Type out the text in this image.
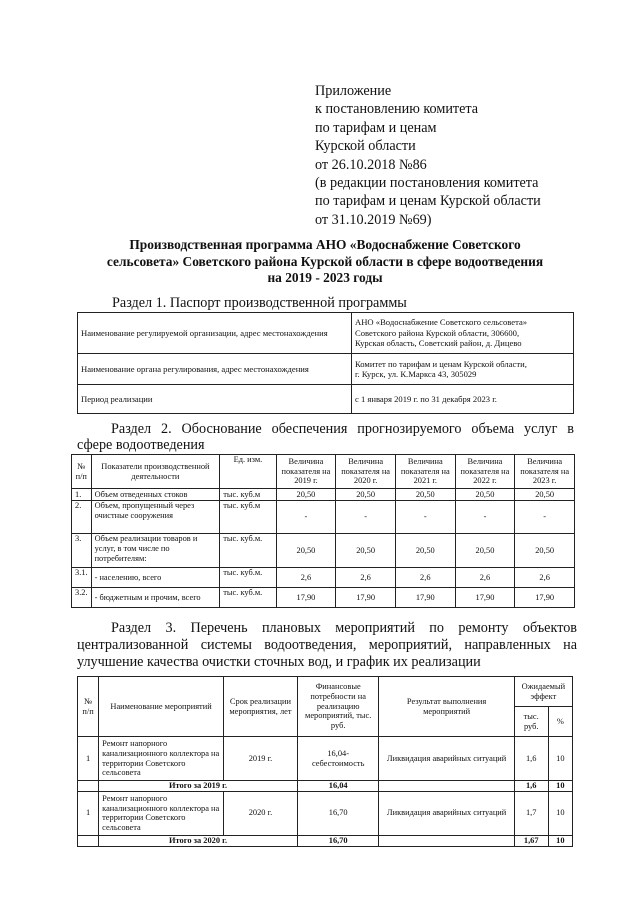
Приложение
к постановлению комитета
по тарифам и ценам
Курской области
от 26.10.2018 №86
(в редакции постановления комитета
по тарифам и ценам Курской области
от 31.10.2019 №69)
Производственная программа АНО «Водоснабжение Советского
сельсовета» Советского района Курской области в сфере водоотведения
на 2019 - 2023 годы
Раздел 1. Паспорт производственной программы
Наименование регулируемой организации, адрес местонахождения	АНО «Водоснабжение Советского сельсовета»
Советского района Курской области, 306600,
Курская область, Советский район, д. Дицево

Наименование органа регулирования, адрес местонахождения	Комитет по тарифам и ценам Курской области,
г. Курск, ул. К.Маркса 43, 305029

Период реализации	с 1 января 2019 г. по 31 декабря 2023 г.
Раздел 2. Обоснование обеспечения прогнозируемого объема услуг в
сфере водоотведения
№ п/п	Показатели производственной деятельности	Ед. изм.	Величина показателя на 2019 г.	Величина показателя на 2020 г.	Величина показателя на 2021 г.	Величина показателя на 2022 г.	Величина показателя на 2023 г.
1.	Объем отведенных стоков	тыс. куб.м	20,50	20,50	20,50	20,50	20,50
2.	Объем, пропущенный через очистные сооружения	тыс. куб.м	-	-	-	-	-
3.	Объем реализации товаров и услуг, в том числе по потребителям:	тыс. куб.м.	20,50	20,50	20,50	20,50	20,50
3.1.	- населению, всего	тыс. куб.м.	2,6	2,6	2,6	2,6	2,6
3.2.	- бюджетным и прочим, всего	тыс. куб.м.	17,90	17,90	17,90	17,90	17,90
Раздел 3. Перечень плановых мероприятий по ремонту объектов
централизованной системы водоотведения, мероприятий, направленных на
улучшение качества очистки сточных вод, и график их реализации
№ п/п	Наименование мероприятий	Срок реализации мероприятия, лет	Финансовые потребности на реализацию мероприятий, тыс. руб.	Результат выполнения мероприятий	Ожидаемый эффект	
					тыс. руб.	%
1	Ремонт напорного канализационного коллектора на территории Советского сельсовета	2019 г.	16,04- себестоимость	Ликвидация аварийных ситуаций	1,6	10
	Итого за 2019 г.		16,04		1,6	10
1	Ремонт напорного канализационного коллектора на территории Советского сельсовета	2020 г.	16,70	Ликвидация аварийных ситуаций	1,7	10
	Итого за 2020 г.		16,70		1,67	10
